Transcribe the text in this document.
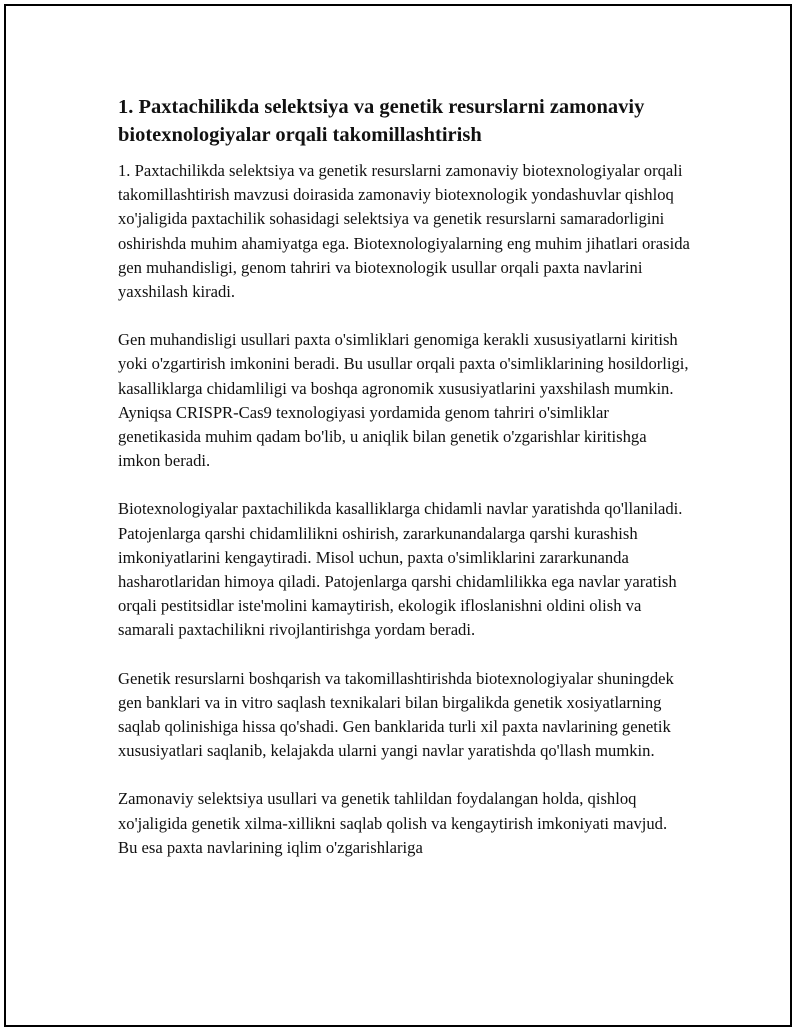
1. Paxtachilikda selektsiya va genetik resurslarni zamonaviy biotexnologiyalar orqali takomillashtirish

1. Paxtachilikda selektsiya va genetik resurslarni zamonaviy biotexnologiyalar orqali takomillashtirish mavzusi doirasida zamonaviy biotexnologik yondashuvlar qishloq xo'jaligida paxtachilik sohasidagi selektsiya va genetik resurslarni samaradorligini oshirishda muhim ahamiyatga ega. Biotexnologiyalarning eng muhim jihatlari orasida gen muhandisligi, genom tahriri va biotexnologik usullar orqali paxta navlarini yaxshilash kiradi.

Gen muhandisligi usullari paxta o'simliklari genomiga kerakli xususiyatlarni kiritish yoki o'zgartirish imkonini beradi. Bu usullar orqali paxta o'simliklarining hosildorligi, kasalliklarga chidamliligi va boshqa agronomik xususiyatlarini yaxshilash mumkin. Ayniqsa CRISPR-Cas9 texnologiyasi yordamida genom tahriri o'simliklar genetikasida muhim qadam bo'lib, u aniqlik bilan genetik o'zgarishlar kiritishga imkon beradi.

Biotexnologiyalar paxtachilikda kasalliklarga chidamli navlar yaratishda qo'llaniladi. Patojenlarga qarshi chidamlilikni oshirish, zararkunandalarga qarshi kurashish imkoniyatlarini kengaytiradi. Misol uchun, paxta o'simliklarini zararkunanda hasharotlaridan himoya qiladi. Patojenlarga qarshi chidamlilikka ega navlar yaratish orqali pestitsidlar iste'molini kamaytirish, ekologik ifloslanishni oldini olish va samarali paxtachilikni rivojlantirishga yordam beradi.

Genetik resurslarni boshqarish va takomillashtirishda biotexnologiyalar shuningdek gen banklari va in vitro saqlash texnikalari bilan birgalikda genetik xosiyatlarning saqlab qolinishiga hissa qo'shadi. Gen banklarida turli xil paxta navlarining genetik xususiyatlari saqlanib, kelajakda ularni yangi navlar yaratishda qo'llash mumkin.

Zamonaviy selektsiya usullari va genetik tahlildan foydalangan holda, qishloq xo'jaligida genetik xilma-xillikni saqlab qolish va kengaytirish imkoniyati mavjud. Bu esa paxta navlarining iqlim o'zgarishlariga
